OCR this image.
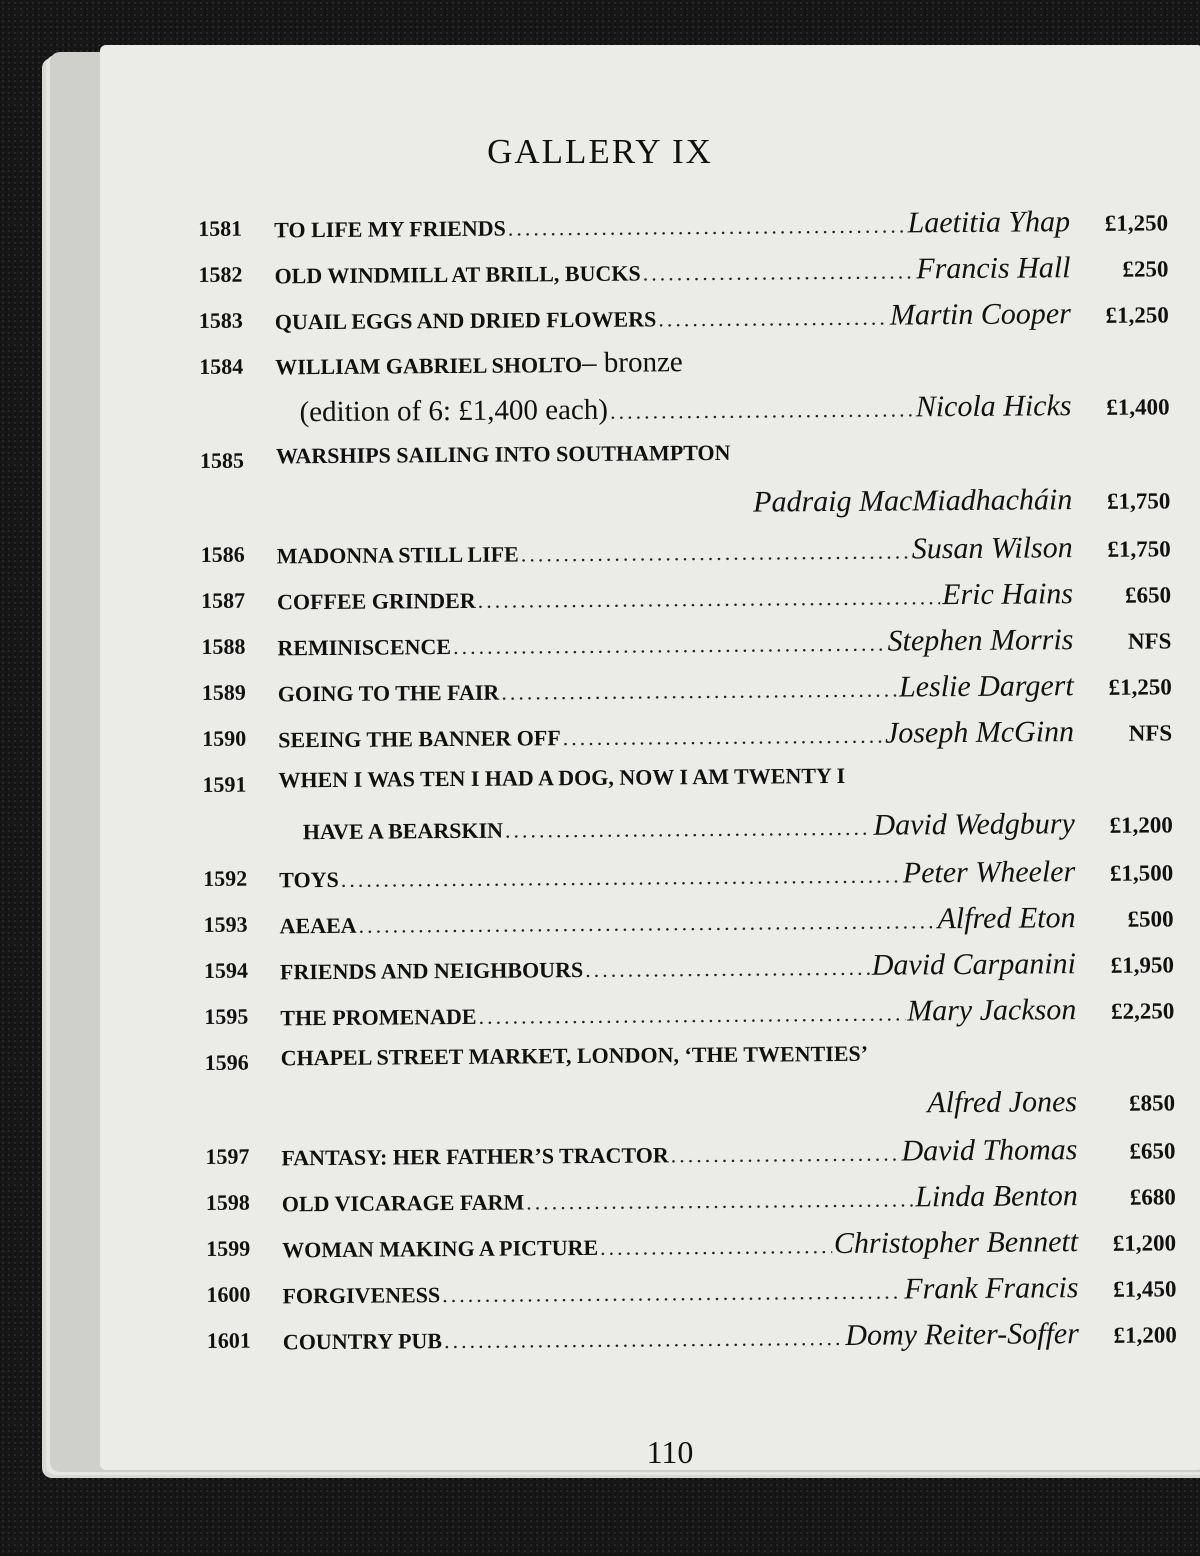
GALLERY IX
1581	TO LIFE MY FRIENDS .....	Laetitia Yhap	£1,250
1582	OLD WINDMILL AT BRILL, BUCKS .....	Francis Hall	£250
1583	QUAIL EGGS AND DRIED FLOWERS .....	Martin Cooper	£1,250
1584	WILLIAM GABRIEL SHOLTO – bronze
(edition of 6: £1,400 each) .....	Nicola Hicks	£1,400
1585	WARSHIPS SAILING INTO SOUTHAMPTON
Padraig MacMiadhacháin	£1,750
1586	MADONNA STILL LIFE .....	Susan Wilson	£1,750
1587	COFFEE GRINDER .....	Eric Hains	£650
1588	REMINISCENCE .....	Stephen Morris	NFS
1589	GOING TO THE FAIR .....	Leslie Dargert	£1,250
1590	SEEING THE BANNER OFF .....	Joseph McGinn	NFS
1591	WHEN I WAS TEN I HAD A DOG, NOW I AM TWENTY I
HAVE A BEARSKIN .....	David Wedgbury	£1,200
1592	TOYS .....	Peter Wheeler	£1,500
1593	AEAEA .....	Alfred Eton	£500
1594	FRIENDS AND NEIGHBOURS .....	David Carpanini	£1,950
1595	THE PROMENADE .....	Mary Jackson	£2,250
1596	CHAPEL STREET MARKET, LONDON, ‘THE TWENTIES’
Alfred Jones	£850
1597	FANTASY: HER FATHER’S TRACTOR .....	David Thomas	£650
1598	OLD VICARAGE FARM .....	Linda Benton	£680
1599	WOMAN MAKING A PICTURE .....	Christopher Bennett	£1,200
1600	FORGIVENESS .....	Frank Francis	£1,450
1601	COUNTRY PUB .....	Domy Reiter-Soffer	£1,200
110
